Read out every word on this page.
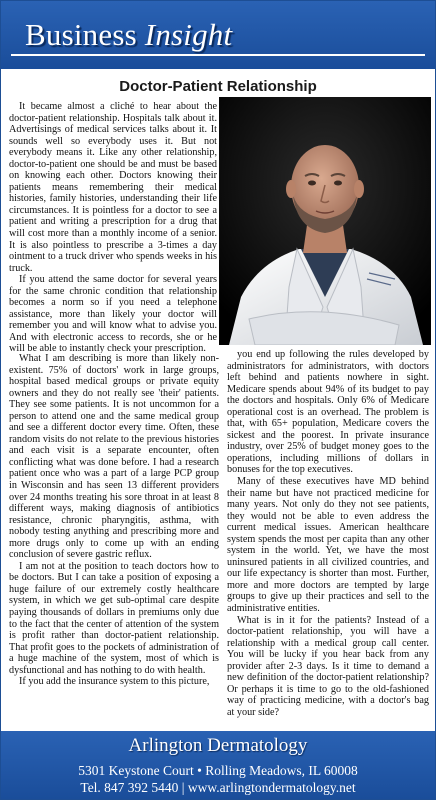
Business Insight
Doctor-Patient Relationship

It became almost a cliché to hear about the doctor-patient relationship. Hospitals talk about it. Advertisings of medical services talks about it. It sounds well so everybody uses it. But not everybody means it. Like any other relationship, doctor-to-patient one should be and must be based on knowing each other. Doctors knowing their patients means remembering their medical histories, family histories, understanding their life circumstances. It is pointless for a doctor to see a patient and writing a prescription for a drug that will cost more than a monthly income of a senior. It is also pointless to prescribe a 3-times a day ointment to a truck driver who spends weeks in his truck.

If you attend the same doctor for several years for the same chronic condition that relationship becomes a norm so if you need a telephone assistance, more than likely your doctor will remember you and will know what to advise you. And with electronic access to records, she or he will be able to instantly check your prescription.

What I am describing is more than likely non-existent. 75% of doctors' work in large groups, hospital based medical groups or private equity owners and they do not really see 'their' patients. They see some patients. It is not uncommon for a person to attend one and the same medical group and see a different doctor every time. Often, these random visits do not relate to the previous histories and each visit is a separate encounter, often conflicting what was done before. I had a research patient once who was a part of a large PCP group in Wisconsin and has seen 13 different providers over 24 months treating his sore throat in at least 8 different ways, making diagnosis of antibiotics resistance, chronic pharyngitis, asthma, with nobody testing anything and prescribing more and more drugs only to come up with an ending conclusion of severe gastric reflux.

I am not at the position to teach doctors how to be doctors. But I can take a position of exposing a huge failure of our extremely costly healthcare system, in which we get sub-optimal care despite paying thousands of dollars in premiums only due to the fact that the center of attention of the system is profit rather than doctor-patient relationship. That profit goes to the pockets of administration of a huge machine of the system, most of which is dysfunctional and has nothing to do with health.

If you add the insurance system to this picture,

you end up following the rules developed by administrators for administrators, with doctors left behind and patients nowhere in sight. Medicare spends about 94% of its budget to pay the doctors and hospitals. Only 6% of Medicare operational cost is an overhead. The problem is that, with 65+ population, Medicare covers the sickest and the poorest. In private insurance industry, over 25% of budget money goes to the operations, including millions of dollars in bonuses for the top executives.

Many of these executives have MD behind their name but have not practiced medicine for many years. Not only do they not see patients, they would not be able to even address the current medical issues. American healthcare system spends the most per capita than any other system in the world. Yet, we have the most uninsured patients in all civilized countries, and our life expectancy is shorter than most. Further, more and more doctors are tempted by large groups to give up their practices and sell to the administrative entities.

What is in it for the patients? Instead of a doctor-patient relationship, you will have a relationship with a medical group call center. You will be lucky if you hear back from any provider after 2-3 days. Is it time to demand a new definition of the doctor-patient relationship? Or perhaps it is time to go to the old-fashioned way of practicing medicine, with a doctor's bag at your side?

Arlington Dermatology
5301 Keystone Court • Rolling Meadows, IL 60008
Tel. 847 392 5440 | www.arlingtondermatology.net
